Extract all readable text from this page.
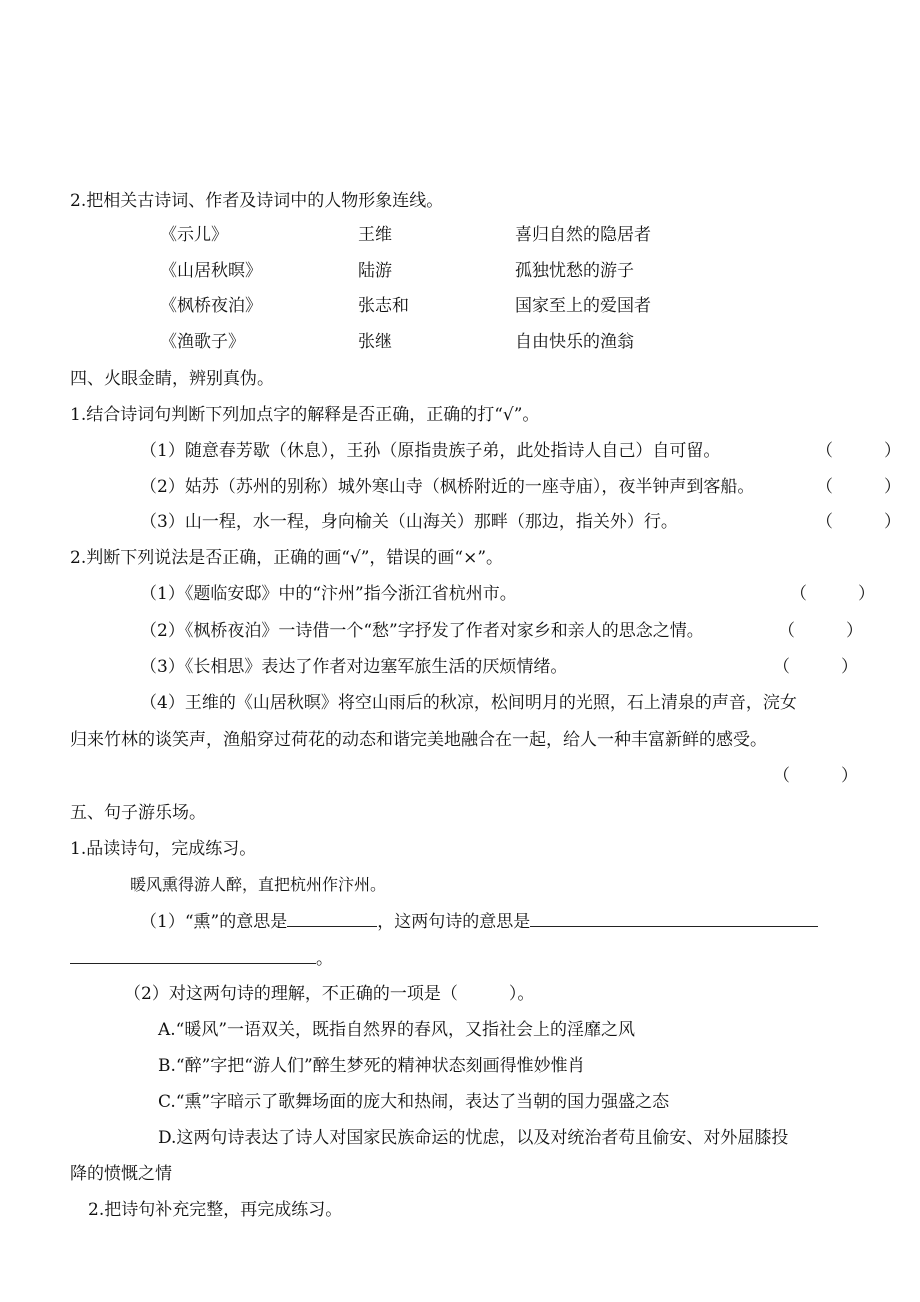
2.把相关古诗词、作者及诗词中的人物形象连线。
《示儿》	王维	喜归自然的隐居者
《山居秋暝》	陆游	孤独忧愁的游子
《枫桥夜泊》	张志和	国家至上的爱国者
《渔歌子》	张继	自由快乐的渔翁
四、火眼金睛，辨别真伪。
1.结合诗词句判断下列加点字的解释是否正确，正确的打“√”。
（1）随意春芳歇（休息），王孙（原指贵族子弟，此处指诗人自己）自可留。	（　　　）
（2）姑苏（苏州的别称）城外寒山寺（枫桥附近的一座寺庙），夜半钟声到客船。	（　　　）
（3）山一程，水一程，身向榆关（山海关）那畔（那边，指关外）行。	（　　　）
2.判断下列说法是否正确，正确的画“√”，错误的画“×”。
（1）《题临安邸》中的“汴州”指今浙江省杭州市。	（　　　）
（2）《枫桥夜泊》一诗借一个“愁”字抒发了作者对家乡和亲人的思念之情。	（　　　）
（3）《长相思》表达了作者对边塞军旅生活的厌烦情绪。	（　　　）
（4）王维的《山居秋暝》将空山雨后的秋凉，松间明月的光照，石上清泉的声音，浣女
归来竹林的谈笑声，渔船穿过荷花的动态和谐完美地融合在一起，给人一种丰富新鲜的感受。
（　　　）
五、句子游乐场。
1.品读诗句，完成练习。
暖风熏得游人醉，直把杭州作汴州。
（1）“熏”的意思是	，这两句诗的意思是
。
（2）对这两句诗的理解，不正确的一项是（　　　）。
A.“暖风”一语双关，既指自然界的春风，又指社会上的淫靡之风
B.“醉”字把“游人们”醉生梦死的精神状态刻画得惟妙惟肖
C.“熏”字暗示了歌舞场面的庞大和热闹，表达了当朝的国力强盛之态
D.这两句诗表达了诗人对国家民族命运的忧虑，以及对统治者苟且偷安、对外屈膝投
降的愤慨之情
2.把诗句补充完整，再完成练习。
